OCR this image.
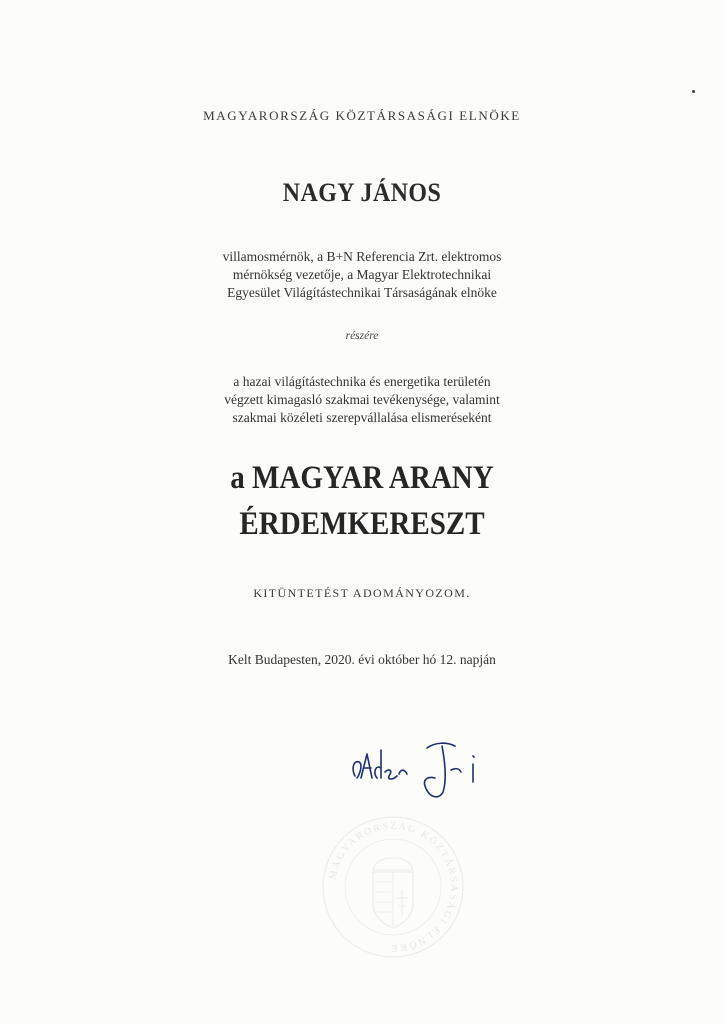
MAGYARORSZÁG KÖZTÁRSASÁGI ELNÖKE
NAGY JÁNOS
villamosmérnök, a B+N Referencia Zrt. elektromos
mérnökség vezetője, a Magyar Elektrotechnikai
Egyesület Világítástechnikai Társaságának elnöke
részére
a hazai világítástechnika és energetika területén
végzett kimagasló szakmai tevékenysége, valamint
szakmai közéleti szerepvállalása elismeréseként
a MAGYAR ARANY
ÉRDEMKERESZT
KITÜNTETÉST ADOMÁNYOZOM.
Kelt Budapesten, 2020. évi október hó 12. napján
MAGYARORSZÁG KÖZTÁRSASÁGI ELNÖKE
